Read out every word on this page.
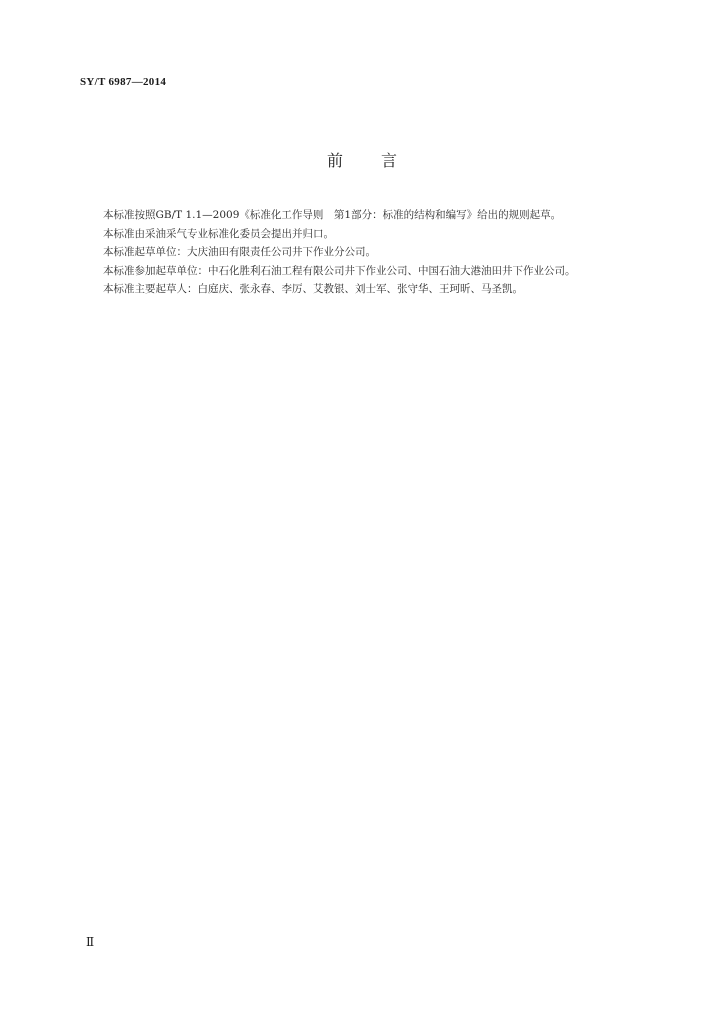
SY/T 6987—2014
前言

本标准按照GB/T 1.1—2009《标准化工作导则　第1部分：标准的结构和编写》给出的规则起草。

本标准由采油采气专业标准化委员会提出并归口。

本标准起草单位：大庆油田有限责任公司井下作业分公司。

本标准参加起草单位：中石化胜利石油工程有限公司井下作业公司、中国石油大港油田井下作业公司。

本标准主要起草人：白庭庆、张永春、李厉、艾教银、刘士军、张守华、王珂昕、马圣凯。

Ⅱ
